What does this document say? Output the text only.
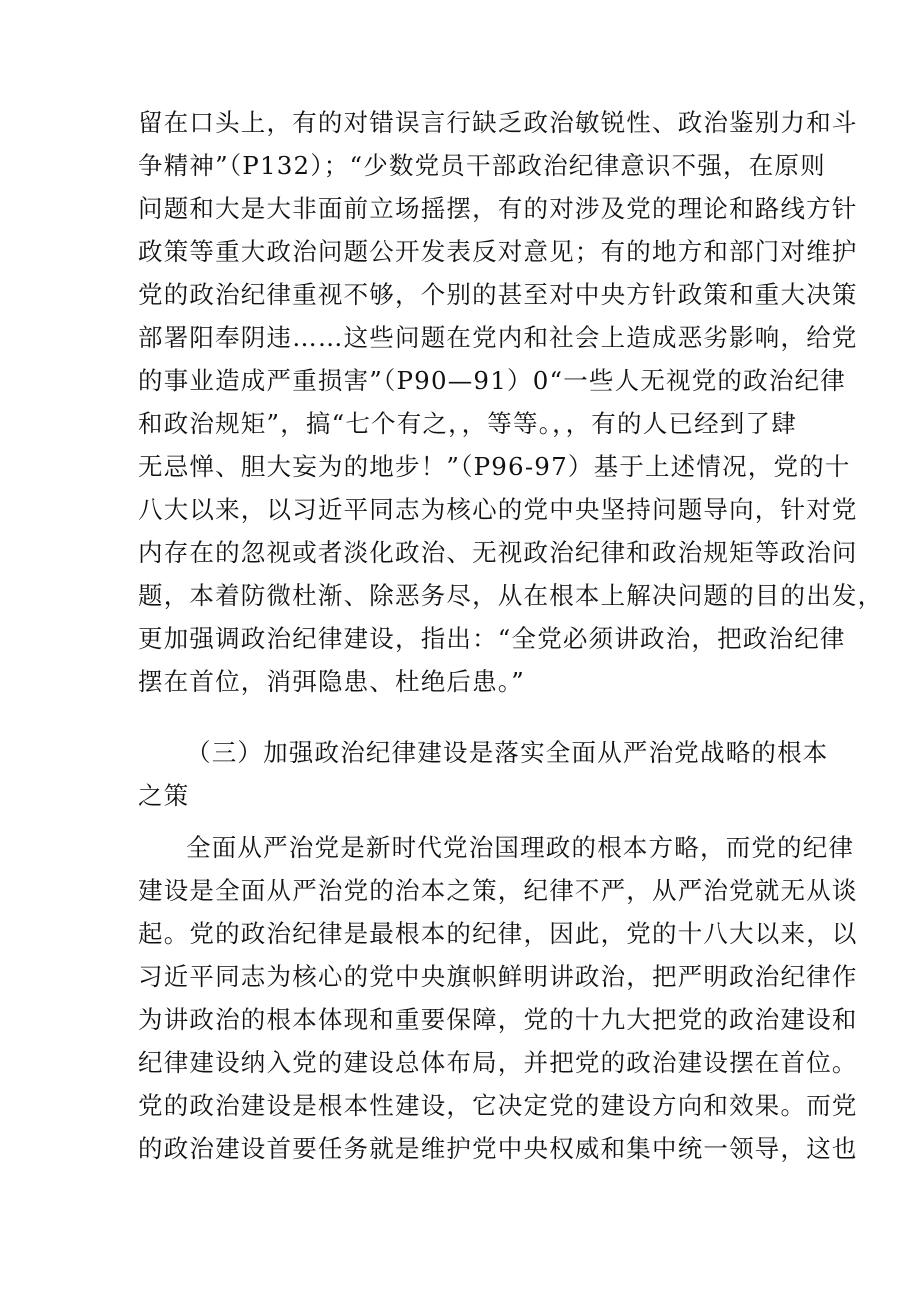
留在口头上，有的对错误言行缺乏政治敏锐性、政治鉴别力和斗
争精神”（P132）；“少数党员干部政治纪律意识不强，在原则
问题和大是大非面前立场摇摆，有的对涉及党的理论和路线方针
政策等重大政治问题公开发表反对意见；有的地方和部门对维护
党的政治纪律重视不够，个别的甚至对中央方针政策和重大决策
部署阳奉阴违……这些问题在党内和社会上造成恶劣影响，给党
的事业造成严重损害”（P90—91）0“一些人无视党的政治纪律
和政治规矩”，搞“七个有之，，等等。，，有的人已经到了肆
无忌惮、胆大妄为的地步！”（P96-97）基于上述情况，党的十
八大以来，以习近平同志为核心的党中央坚持问题导向，针对党
内存在的忽视或者淡化政治、无视政治纪律和政治规矩等政治问
题，本着防微杜渐、除恶务尽，从在根本上解决问题的目的出发，
更加强调政治纪律建设，指出：“全党必须讲政治，把政治纪律
摆在首位，消弭隐患、杜绝后患。”
（三）加强政治纪律建设是落实全面从严治党战略的根本
之策
全面从严治党是新时代党治国理政的根本方略，而党的纪律
建设是全面从严治党的治本之策，纪律不严，从严治党就无从谈
起。党的政治纪律是最根本的纪律，因此，党的十八大以来，以
习近平同志为核心的党中央旗帜鲜明讲政治，把严明政治纪律作
为讲政治的根本体现和重要保障，党的十九大把党的政治建设和
纪律建设纳入党的建设总体布局，并把党的政治建设摆在首位。
党的政治建设是根本性建设，它决定党的建设方向和效果。而党
的政治建设首要任务就是维护党中央权威和集中统一领导，这也
